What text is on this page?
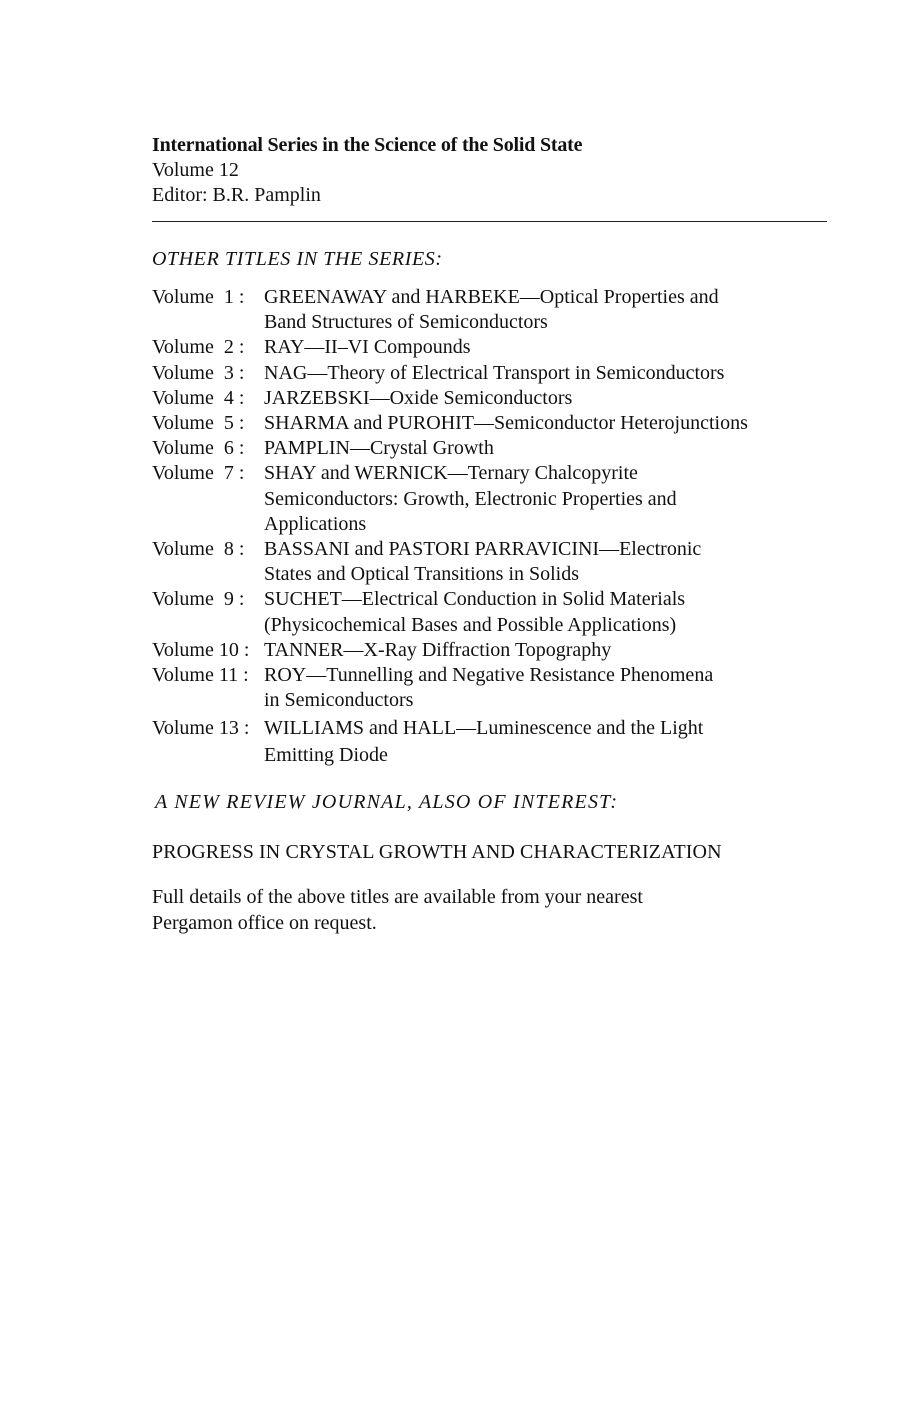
International Series in the Science of the Solid State
Volume 12
Editor: B.R. Pamplin
OTHER TITLES IN THE SERIES:
Volume  1 : GREENAWAY and HARBEKE—Optical Properties and
Band Structures of Semiconductors
Volume  2 : RAY—II–VI Compounds
Volume  3 : NAG—Theory of Electrical Transport in Semiconductors
Volume  4 : JARZEBSKI—Oxide Semiconductors
Volume  5 : SHARMA and PUROHIT—Semiconductor Heterojunctions
Volume  6 : PAMPLIN—Crystal Growth
Volume  7 : SHAY and WERNICK—Ternary Chalcopyrite
Semiconductors: Growth, Electronic Properties and
Applications
Volume  8 : BASSANI and PASTORI PARRAVICINI—Electronic
States and Optical Transitions in Solids
Volume  9 : SUCHET—Electrical Conduction in Solid Materials
(Physicochemical Bases and Possible Applications)
Volume 10 : TANNER—X-Ray Diffraction Topography
Volume 11 : ROY—Tunnelling and Negative Resistance Phenomena
in Semiconductors
Volume 13 : WILLIAMS and HALL—Luminescence and the Light
Emitting Diode
A NEW REVIEW JOURNAL, ALSO OF INTEREST:
PROGRESS IN CRYSTAL GROWTH AND CHARACTERIZATION
Full details of the above titles are available from your nearest
Pergamon office on request.
